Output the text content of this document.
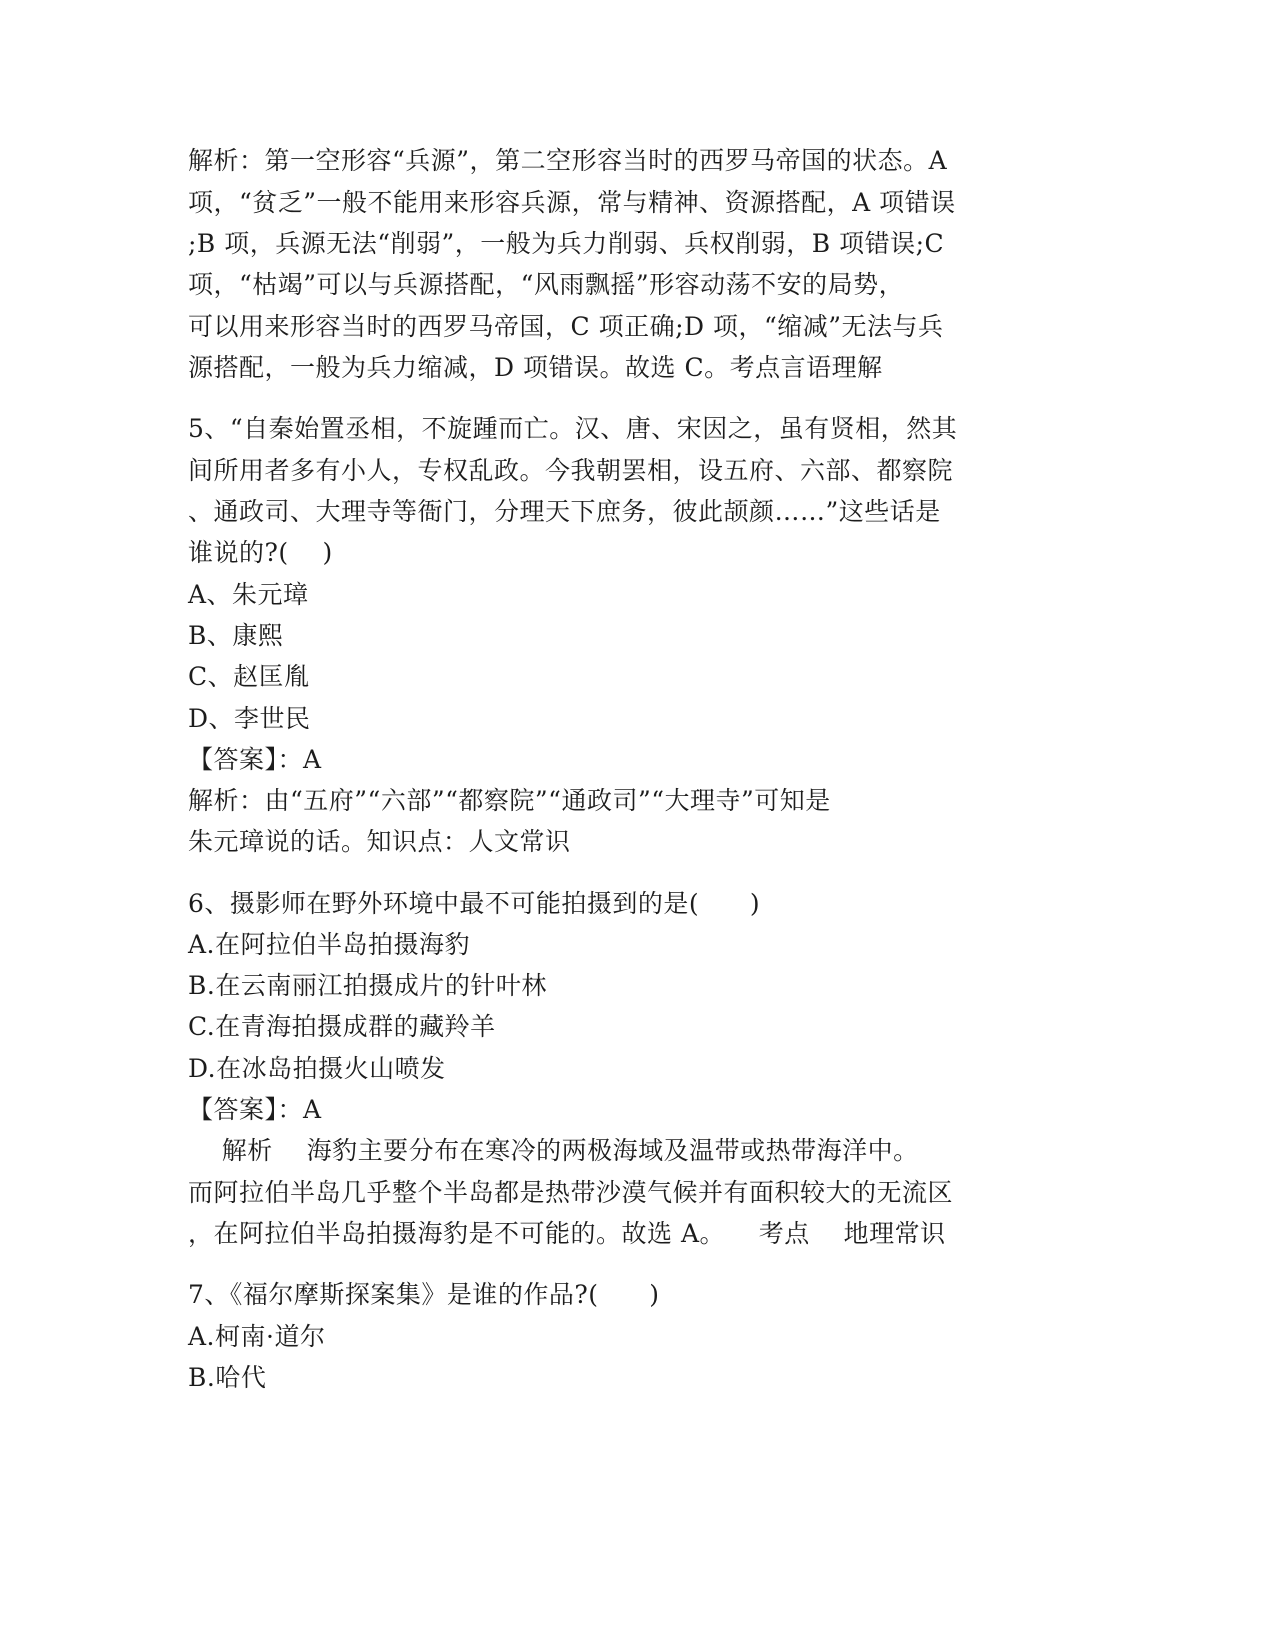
解析：第一空形容“兵源”，第二空形容当时的西罗马帝国的状态。A
项，“贫乏”一般不能用来形容兵源，常与精神、资源搭配，A 项错误
;B 项，兵源无法“削弱”，一般为兵力削弱、兵权削弱，B 项错误;C
项，“枯竭”可以与兵源搭配，“风雨飘摇”形容动荡不安的局势，
可以用来形容当时的西罗马帝国，C 项正确;D 项，“缩减”无法与兵
源搭配，一般为兵力缩减，D 项错误。故选 C。考点言语理解
5、“自秦始置丞相，不旋踵而亡。汉、唐、宋因之，虽有贤相，然其
间所用者多有小人，专权乱政。今我朝罢相，设五府、六部、都察院
、通政司、大理寺等衙门，分理天下庶务，彼此颉颜……”这些话是
谁说的?(    )
A、朱元璋
B、康熙
C、赵匡胤
D、李世民
【答案】：A
解析：由“五府”“六部”“都察院”“通政司”“大理寺”可知是
朱元璋说的话。知识点：人文常识
6、摄影师在野外环境中最不可能拍摄到的是(      )
A.在阿拉伯半岛拍摄海豹
B.在云南丽江拍摄成片的针叶林
C.在青海拍摄成群的藏羚羊
D.在冰岛拍摄火山喷发
【答案】：A
解析    海豹主要分布在寒冷的两极海域及温带或热带海洋中。
而阿拉伯半岛几乎整个半岛都是热带沙漠气候并有面积较大的无流区
，在阿拉伯半岛拍摄海豹是不可能的。故选 A。    考点    地理常识
7、《福尔摩斯探案集》是谁的作品?(      )
A.柯南·道尔
B.哈代
